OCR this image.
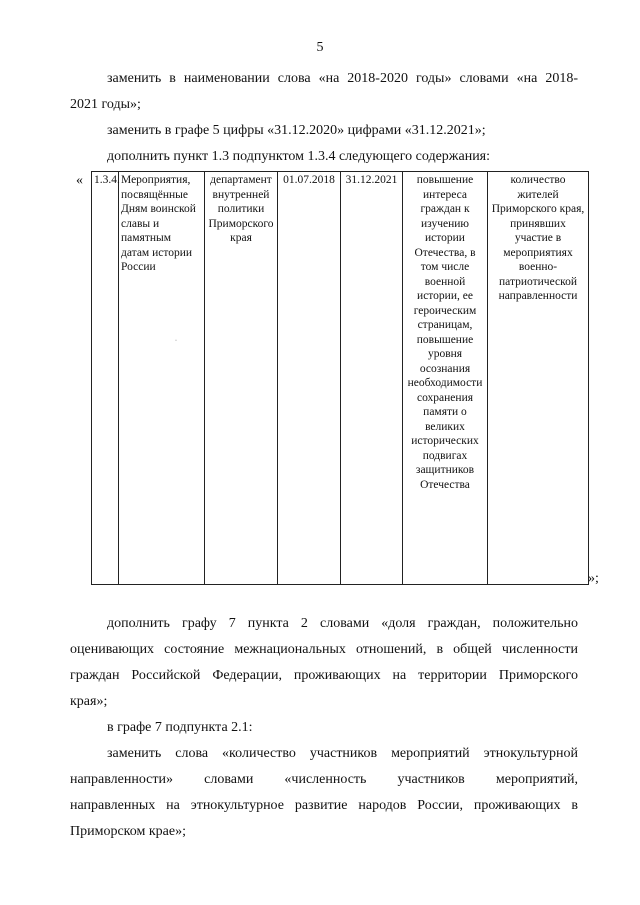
5

заменить в наименовании слова «на 2018-2020 годы» словами «на 2018-

2021 годы»;

заменить в графе 5 цифры «31.12.2020» цифрами «31.12.2021»;

дополнить пункт 1.3 подпунктом 1.3.4 следующего содержания:

« 1.3.4.	Мероприятия, посвящённые Дням воинской славы и памятным датам истории России	департамент внутренней политики Приморского края	01.07.2018	31.12.2021	повышение интереса граждан к изучению истории Отечества, в том числе военной истории, ее героическим страницам, повышение уровня осознания необходимости сохранения памяти о великих исторических подвигах защитников Отечества	количество жителей Приморского края, принявших участие в мероприятиях военно-патриотической направленности
·
»;

дополнить графу 7 пункта 2 словами «доля граждан, положительно

оценивающих состояние межнациональных отношений, в общей численности

граждан Российской Федерации, проживающих на территории Приморского

края»;

в графе 7 подпункта 2.1:

заменить слова «количество участников мероприятий этнокультурной

направленности» словами «численность участников мероприятий,

направленных на этнокультурное развитие народов России, проживающих в

Приморском крае»;
